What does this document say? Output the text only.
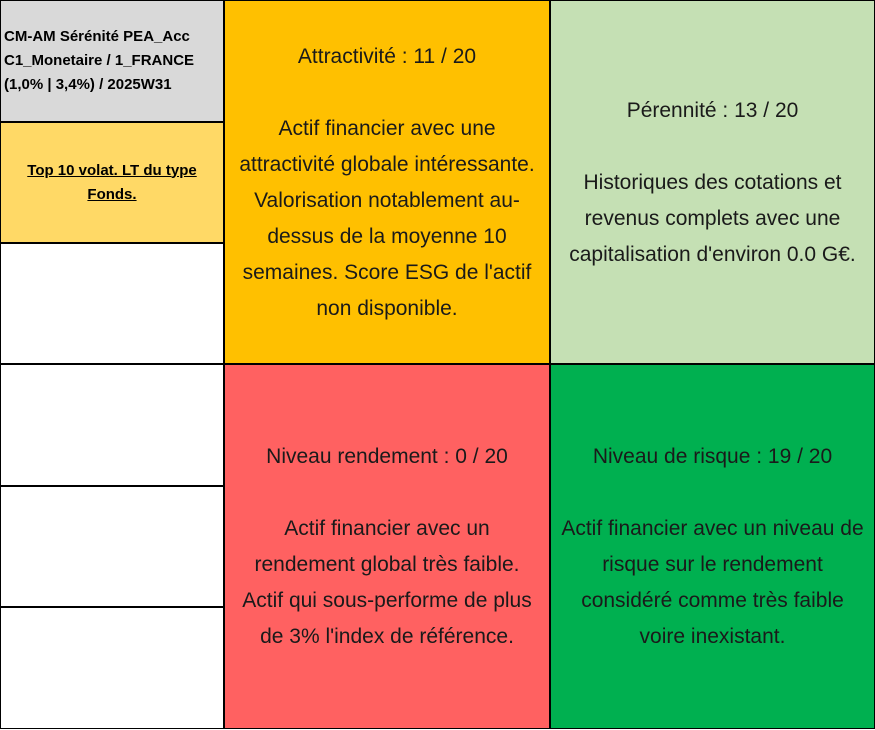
CM-AM Sérénité PEA_Acc
C1_Monetaire / 1_FRANCE
(1,0% | 3,4%) / 2025W31
Top 10 volat. LT du type
Fonds.
Attractivité : 11 / 20
Actif financier avec une
attractivité globale intéressante.
Valorisation notablement au-
dessus de la moyenne 10
semaines. Score ESG de l'actif
non disponible.
Pérennité : 13 / 20
Historiques des cotations et
revenus complets avec une
capitalisation d'environ 0.0 G€.
Niveau rendement : 0 / 20
Actif financier avec un
rendement global très faible.
Actif qui sous-performe de plus
de 3% l'index de référence.
Niveau de risque : 19 / 20
Actif financier avec un niveau de
risque sur le rendement
considéré comme très faible
voire inexistant.
